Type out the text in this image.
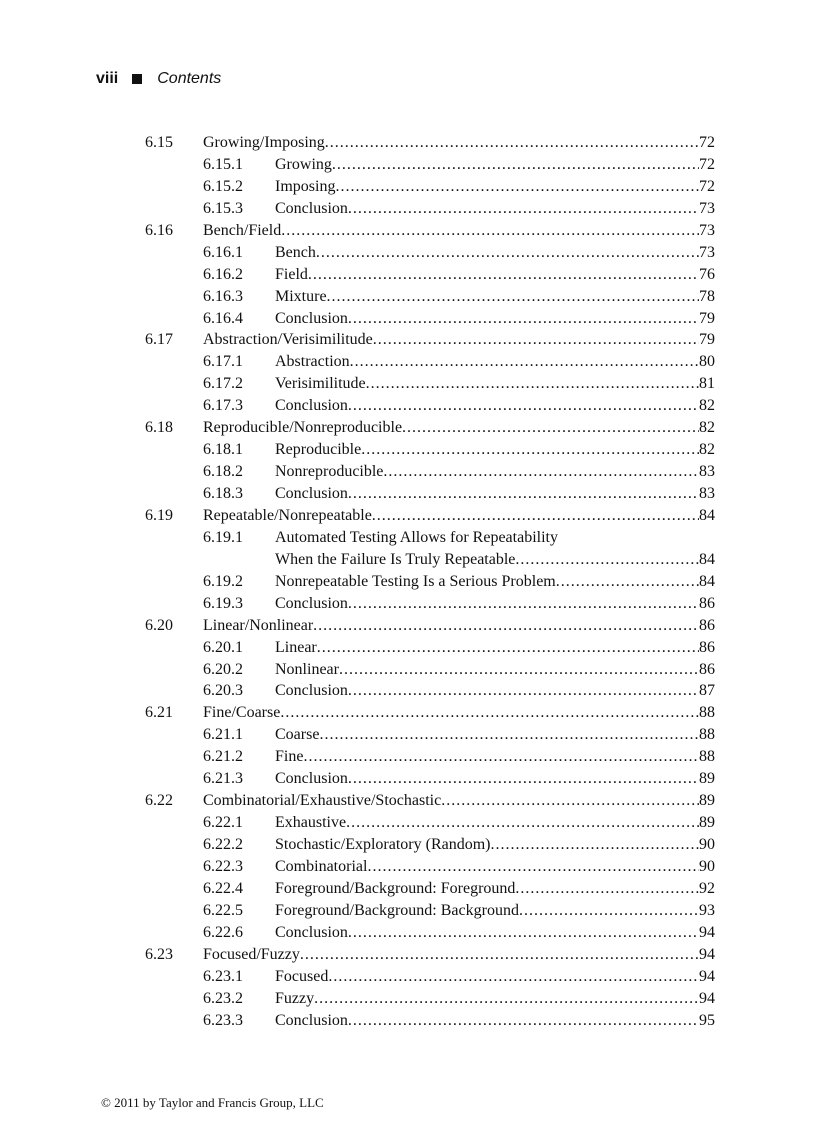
viii Contents
6.15 Growing/Imposing .....	72
6.15.1 Growing .....	72
6.15.2 Imposing .....	72
6.15.3 Conclusion .....	73
6.16 Bench/Field .....	73
6.16.1 Bench .....	73
6.16.2 Field .....	76
6.16.3 Mixture .....	78
6.16.4 Conclusion .....	79
6.17 Abstraction/Verisimilitude .....	79
6.17.1 Abstraction .....	80
6.17.2 Verisimilitude .....	81
6.17.3 Conclusion .....	82
6.18 Reproducible/Nonreproducible .....	82
6.18.1 Reproducible .....	82
6.18.2 Nonreproducible .....	83
6.18.3 Conclusion .....	83
6.19 Repeatable/Nonrepeatable .....	84
6.19.1 Automated Testing Allows for Repeatability
When the Failure Is Truly Repeatable .....	84
6.19.2 Nonrepeatable Testing Is a Serious Problem .....	84
6.19.3 Conclusion .....	86
6.20 Linear/Nonlinear .....	86
6.20.1 Linear .....	86
6.20.2 Nonlinear .....	86
6.20.3 Conclusion .....	87
6.21 Fine/Coarse .....	88
6.21.1 Coarse .....	88
6.21.2 Fine .....	88
6.21.3 Conclusion .....	89
6.22 Combinatorial/Exhaustive/Stochastic .....	89
6.22.1 Exhaustive .....	89
6.22.2 Stochastic/Exploratory (Random) .....	90
6.22.3 Combinatorial .....	90
6.22.4 Foreground/Background: Foreground .....	92
6.22.5 Foreground/Background: Background .....	93
6.22.6 Conclusion .....	94
6.23 Focused/Fuzzy .....	94
6.23.1 Focused .....	94
6.23.2 Fuzzy .....	94
6.23.3 Conclusion .....	95
© 2011 by Taylor and Francis Group, LLC
